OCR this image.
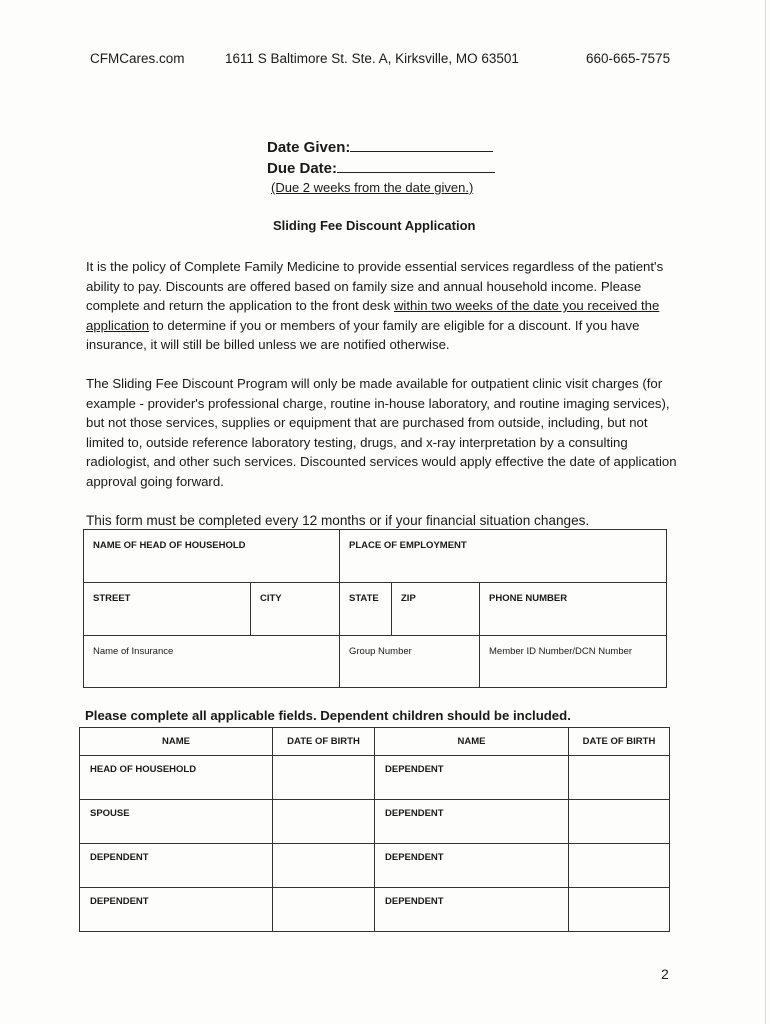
CFMCares.com	1611 S Baltimore St. Ste. A, Kirksville, MO 63501	660-665-7575
Date Given:
Due Date:
(Due 2 weeks from the date given.)
Sliding Fee Discount Application
It is the policy of Complete Family Medicine to provide essential services regardless of the patient's ability to pay. Discounts are offered based on family size and annual household income. Please complete and return the application to the front desk within two weeks of the date you received the application to determine if you or members of your family are eligible for a discount. If you have insurance, it will still be billed unless we are notified otherwise.
The Sliding Fee Discount Program will only be made available for outpatient clinic visit charges (for example - provider's professional charge, routine in-house laboratory, and routine imaging services), but not those services, supplies or equipment that are purchased from outside, including, but not limited to, outside reference laboratory testing, drugs, and x-ray interpretation by a consulting radiologist, and other such services. Discounted services would apply effective the date of application approval going forward.
This form must be completed every 12 months or if your financial situation changes.
NAME OF HEAD OF HOUSEHOLD		PLACE OF EMPLOYMENT		

STREET	CITY	STATE	ZIP	PHONE NUMBER

Name of Insurance		Group Number		Member ID Number/DCN Number
Please complete all applicable fields. Dependent children should be included.
NAME	DATE OF BIRTH	NAME	DATE OF BIRTH

HEAD OF HOUSEHOLD		DEPENDENT	

SPOUSE		DEPENDENT	

DEPENDENT		DEPENDENT	

DEPENDENT		DEPENDENT	

2
